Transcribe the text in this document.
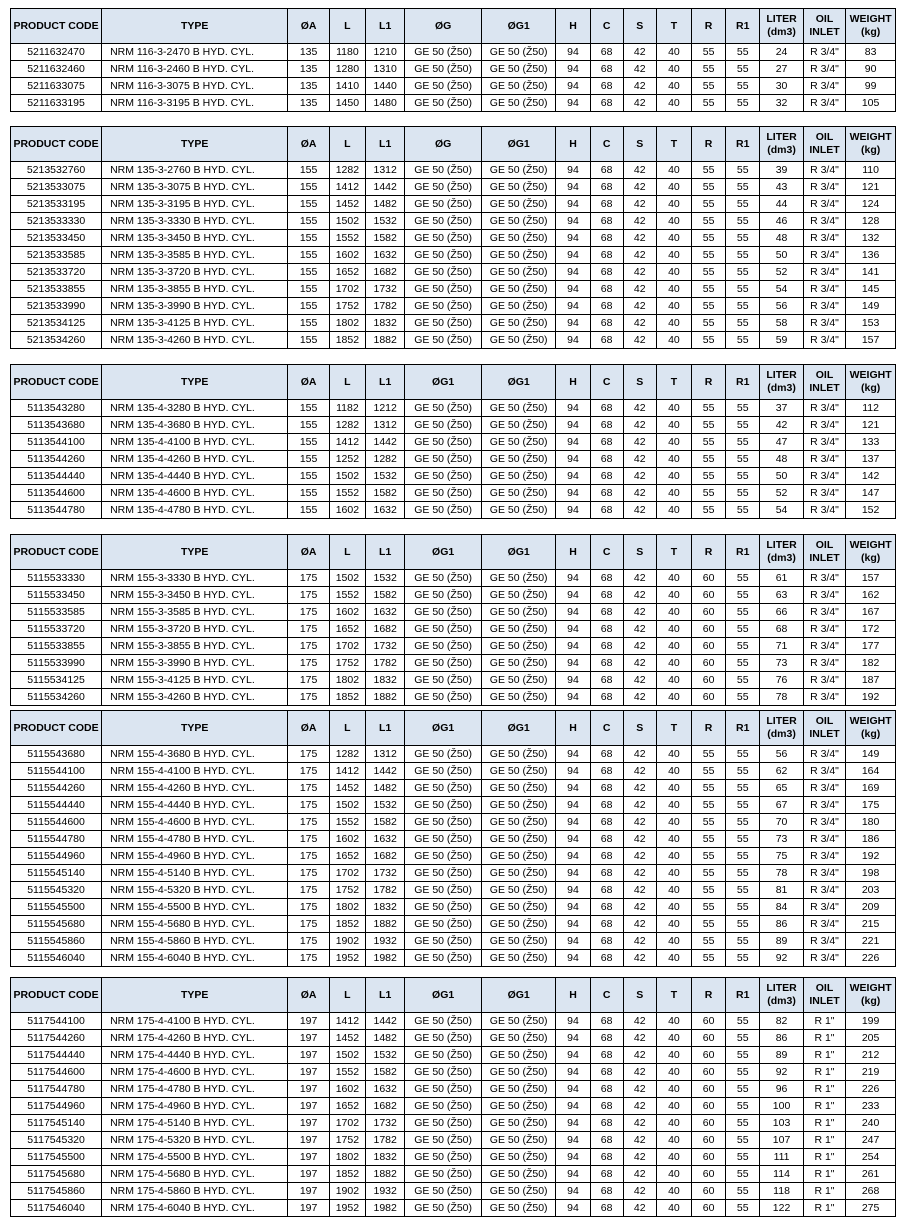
PRODUCT CODE	TYPE	ØA	L	L1	ØG	ØG1	H	C	S	T	R	R1	LITER (dm3)	OIL INLET	WEIGHT (kg)
5211632470	NRM 116-3-2470 B HYD. CYL.	135	1180	1210	GE 50 (Ž50)	GE 50 (Ž50)	94	68	42	40	55	55	24	R 3/4"	83
5211632460	NRM 116-3-2460 B HYD. CYL.	135	1280	1310	GE 50 (Ž50)	GE 50 (Ž50)	94	68	42	40	55	55	27	R 3/4"	90
5211633075	NRM 116-3-3075 B HYD. CYL.	135	1410	1440	GE 50 (Ž50)	GE 50 (Ž50)	94	68	42	40	55	55	30	R 3/4"	99
5211633195	NRM 116-3-3195 B HYD. CYL.	135	1450	1480	GE 50 (Ž50)	GE 50 (Ž50)	94	68	42	40	55	55	32	R 3/4"	105
PRODUCT CODE	TYPE	ØA	L	L1	ØG	ØG1	H	C	S	T	R	R1	LITER (dm3)	OIL INLET	WEIGHT (kg)
5213532760	NRM 135-3-2760 B HYD. CYL.	155	1282	1312	GE 50 (Ž50)	GE 50 (Ž50)	94	68	42	40	55	55	39	R 3/4"	110
5213533075	NRM 135-3-3075 B HYD. CYL.	155	1412	1442	GE 50 (Ž50)	GE 50 (Ž50)	94	68	42	40	55	55	43	R 3/4"	121
5213533195	NRM 135-3-3195 B HYD. CYL.	155	1452	1482	GE 50 (Ž50)	GE 50 (Ž50)	94	68	42	40	55	55	44	R 3/4"	124
5213533330	NRM 135-3-3330 B HYD. CYL.	155	1502	1532	GE 50 (Ž50)	GE 50 (Ž50)	94	68	42	40	55	55	46	R 3/4"	128
5213533450	NRM 135-3-3450 B HYD. CYL.	155	1552	1582	GE 50 (Ž50)	GE 50 (Ž50)	94	68	42	40	55	55	48	R 3/4"	132
5213533585	NRM 135-3-3585 B HYD. CYL.	155	1602	1632	GE 50 (Ž50)	GE 50 (Ž50)	94	68	42	40	55	55	50	R 3/4"	136
5213533720	NRM 135-3-3720 B HYD. CYL.	155	1652	1682	GE 50 (Ž50)	GE 50 (Ž50)	94	68	42	40	55	55	52	R 3/4"	141
5213533855	NRM 135-3-3855 B HYD. CYL.	155	1702	1732	GE 50 (Ž50)	GE 50 (Ž50)	94	68	42	40	55	55	54	R 3/4"	145
5213533990	NRM 135-3-3990 B HYD. CYL.	155	1752	1782	GE 50 (Ž50)	GE 50 (Ž50)	94	68	42	40	55	55	56	R 3/4"	149
5213534125	NRM 135-3-4125 B HYD. CYL.	155	1802	1832	GE 50 (Ž50)	GE 50 (Ž50)	94	68	42	40	55	55	58	R 3/4"	153
5213534260	NRM 135-3-4260 B HYD. CYL.	155	1852	1882	GE 50 (Ž50)	GE 50 (Ž50)	94	68	42	40	55	55	59	R 3/4"	157
PRODUCT CODE	TYPE	ØA	L	L1	ØG1	ØG1	H	C	S	T	R	R1	LITER (dm3)	OIL INLET	WEIGHT (kg)
5113543280	NRM 135-4-3280 B HYD. CYL.	155	1182	1212	GE 50 (Ž50)	GE 50 (Ž50)	94	68	42	40	55	55	37	R 3/4"	112
5113543680	NRM 135-4-3680 B HYD. CYL.	155	1282	1312	GE 50 (Ž50)	GE 50 (Ž50)	94	68	42	40	55	55	42	R 3/4"	121
5113544100	NRM 135-4-4100 B HYD. CYL.	155	1412	1442	GE 50 (Ž50)	GE 50 (Ž50)	94	68	42	40	55	55	47	R 3/4"	133
5113544260	NRM 135-4-4260 B HYD. CYL.	155	1252	1282	GE 50 (Ž50)	GE 50 (Ž50)	94	68	42	40	55	55	48	R 3/4"	137
5113544440	NRM 135-4-4440 B HYD. CYL.	155	1502	1532	GE 50 (Ž50)	GE 50 (Ž50)	94	68	42	40	55	55	50	R 3/4"	142
5113544600	NRM 135-4-4600 B HYD. CYL.	155	1552	1582	GE 50 (Ž50)	GE 50 (Ž50)	94	68	42	40	55	55	52	R 3/4"	147
5113544780	NRM 135-4-4780 B HYD. CYL.	155	1602	1632	GE 50 (Ž50)	GE 50 (Ž50)	94	68	42	40	55	55	54	R 3/4"	152
PRODUCT CODE	TYPE	ØA	L	L1	ØG1	ØG1	H	C	S	T	R	R1	LITER (dm3)	OIL INLET	WEIGHT (kg)
5115533330	NRM 155-3-3330 B HYD. CYL.	175	1502	1532	GE 50 (Ž50)	GE 50 (Ž50)	94	68	42	40	60	55	61	R 3/4"	157
5115533450	NRM 155-3-3450 B HYD. CYL.	175	1552	1582	GE 50 (Ž50)	GE 50 (Ž50)	94	68	42	40	60	55	63	R 3/4"	162
5115533585	NRM 155-3-3585 B HYD. CYL.	175	1602	1632	GE 50 (Ž50)	GE 50 (Ž50)	94	68	42	40	60	55	66	R 3/4"	167
5115533720	NRM 155-3-3720 B HYD. CYL.	175	1652	1682	GE 50 (Ž50)	GE 50 (Ž50)	94	68	42	40	60	55	68	R 3/4"	172
5115533855	NRM 155-3-3855 B HYD. CYL.	175	1702	1732	GE 50 (Ž50)	GE 50 (Ž50)	94	68	42	40	60	55	71	R 3/4"	177
5115533990	NRM 155-3-3990 B HYD. CYL.	175	1752	1782	GE 50 (Ž50)	GE 50 (Ž50)	94	68	42	40	60	55	73	R 3/4"	182
5115534125	NRM 155-3-4125 B HYD. CYL.	175	1802	1832	GE 50 (Ž50)	GE 50 (Ž50)	94	68	42	40	60	55	76	R 3/4"	187
5115534260	NRM 155-3-4260 B HYD. CYL.	175	1852	1882	GE 50 (Ž50)	GE 50 (Ž50)	94	68	42	40	60	55	78	R 3/4"	192
PRODUCT CODE	TYPE	ØA	L	L1	ØG1	ØG1	H	C	S	T	R	R1	LITER (dm3)	OIL INLET	WEIGHT (kg)
5115543680	NRM 155-4-3680 B HYD. CYL.	175	1282	1312	GE 50 (Ž50)	GE 50 (Ž50)	94	68	42	40	55	55	56	R 3/4"	149
5115544100	NRM 155-4-4100 B HYD. CYL.	175	1412	1442	GE 50 (Ž50)	GE 50 (Ž50)	94	68	42	40	55	55	62	R 3/4"	164
5115544260	NRM 155-4-4260 B HYD. CYL.	175	1452	1482	GE 50 (Ž50)	GE 50 (Ž50)	94	68	42	40	55	55	65	R 3/4"	169
5115544440	NRM 155-4-4440 B HYD. CYL.	175	1502	1532	GE 50 (Ž50)	GE 50 (Ž50)	94	68	42	40	55	55	67	R 3/4"	175
5115544600	NRM 155-4-4600 B HYD. CYL.	175	1552	1582	GE 50 (Ž50)	GE 50 (Ž50)	94	68	42	40	55	55	70	R 3/4"	180
5115544780	NRM 155-4-4780 B HYD. CYL.	175	1602	1632	GE 50 (Ž50)	GE 50 (Ž50)	94	68	42	40	55	55	73	R 3/4"	186
5115544960	NRM 155-4-4960 B HYD. CYL.	175	1652	1682	GE 50 (Ž50)	GE 50 (Ž50)	94	68	42	40	55	55	75	R 3/4"	192
5115545140	NRM 155-4-5140 B HYD. CYL.	175	1702	1732	GE 50 (Ž50)	GE 50 (Ž50)	94	68	42	40	55	55	78	R 3/4"	198
5115545320	NRM 155-4-5320 B HYD. CYL.	175	1752	1782	GE 50 (Ž50)	GE 50 (Ž50)	94	68	42	40	55	55	81	R 3/4"	203
5115545500	NRM 155-4-5500 B HYD. CYL.	175	1802	1832	GE 50 (Ž50)	GE 50 (Ž50)	94	68	42	40	55	55	84	R 3/4"	209
5115545680	NRM 155-4-5680 B HYD. CYL.	175	1852	1882	GE 50 (Ž50)	GE 50 (Ž50)	94	68	42	40	55	55	86	R 3/4"	215
5115545860	NRM 155-4-5860 B HYD. CYL.	175	1902	1932	GE 50 (Ž50)	GE 50 (Ž50)	94	68	42	40	55	55	89	R 3/4"	221
5115546040	NRM 155-4-6040 B HYD. CYL.	175	1952	1982	GE 50 (Ž50)	GE 50 (Ž50)	94	68	42	40	55	55	92	R 3/4"	226
PRODUCT CODE	TYPE	ØA	L	L1	ØG1	ØG1	H	C	S	T	R	R1	LITER (dm3)	OIL INLET	WEIGHT (kg)
5117544100	NRM 175-4-4100 B HYD. CYL.	197	1412	1442	GE 50 (Ž50)	GE 50 (Ž50)	94	68	42	40	60	55	82	R 1"	199
5117544260	NRM 175-4-4260 B HYD. CYL.	197	1452	1482	GE 50 (Ž50)	GE 50 (Ž50)	94	68	42	40	60	55	86	R 1"	205
5117544440	NRM 175-4-4440 B HYD. CYL.	197	1502	1532	GE 50 (Ž50)	GE 50 (Ž50)	94	68	42	40	60	55	89	R 1"	212
5117544600	NRM 175-4-4600 B HYD. CYL.	197	1552	1582	GE 50 (Ž50)	GE 50 (Ž50)	94	68	42	40	60	55	92	R 1"	219
5117544780	NRM 175-4-4780 B HYD. CYL.	197	1602	1632	GE 50 (Ž50)	GE 50 (Ž50)	94	68	42	40	60	55	96	R 1"	226
5117544960	NRM 175-4-4960 B HYD. CYL.	197	1652	1682	GE 50 (Ž50)	GE 50 (Ž50)	94	68	42	40	60	55	100	R 1"	233
5117545140	NRM 175-4-5140 B HYD. CYL.	197	1702	1732	GE 50 (Ž50)	GE 50 (Ž50)	94	68	42	40	60	55	103	R 1"	240
5117545320	NRM 175-4-5320 B HYD. CYL.	197	1752	1782	GE 50 (Ž50)	GE 50 (Ž50)	94	68	42	40	60	55	107	R 1"	247
5117545500	NRM 175-4-5500 B HYD. CYL.	197	1802	1832	GE 50 (Ž50)	GE 50 (Ž50)	94	68	42	40	60	55	111	R 1"	254
5117545680	NRM 175-4-5680 B HYD. CYL.	197	1852	1882	GE 50 (Ž50)	GE 50 (Ž50)	94	68	42	40	60	55	114	R 1"	261
5117545860	NRM 175-4-5860 B HYD. CYL.	197	1902	1932	GE 50 (Ž50)	GE 50 (Ž50)	94	68	42	40	60	55	118	R 1"	268
5117546040	NRM 175-4-6040 B HYD. CYL.	197	1952	1982	GE 50 (Ž50)	GE 50 (Ž50)	94	68	42	40	60	55	122	R 1"	275
